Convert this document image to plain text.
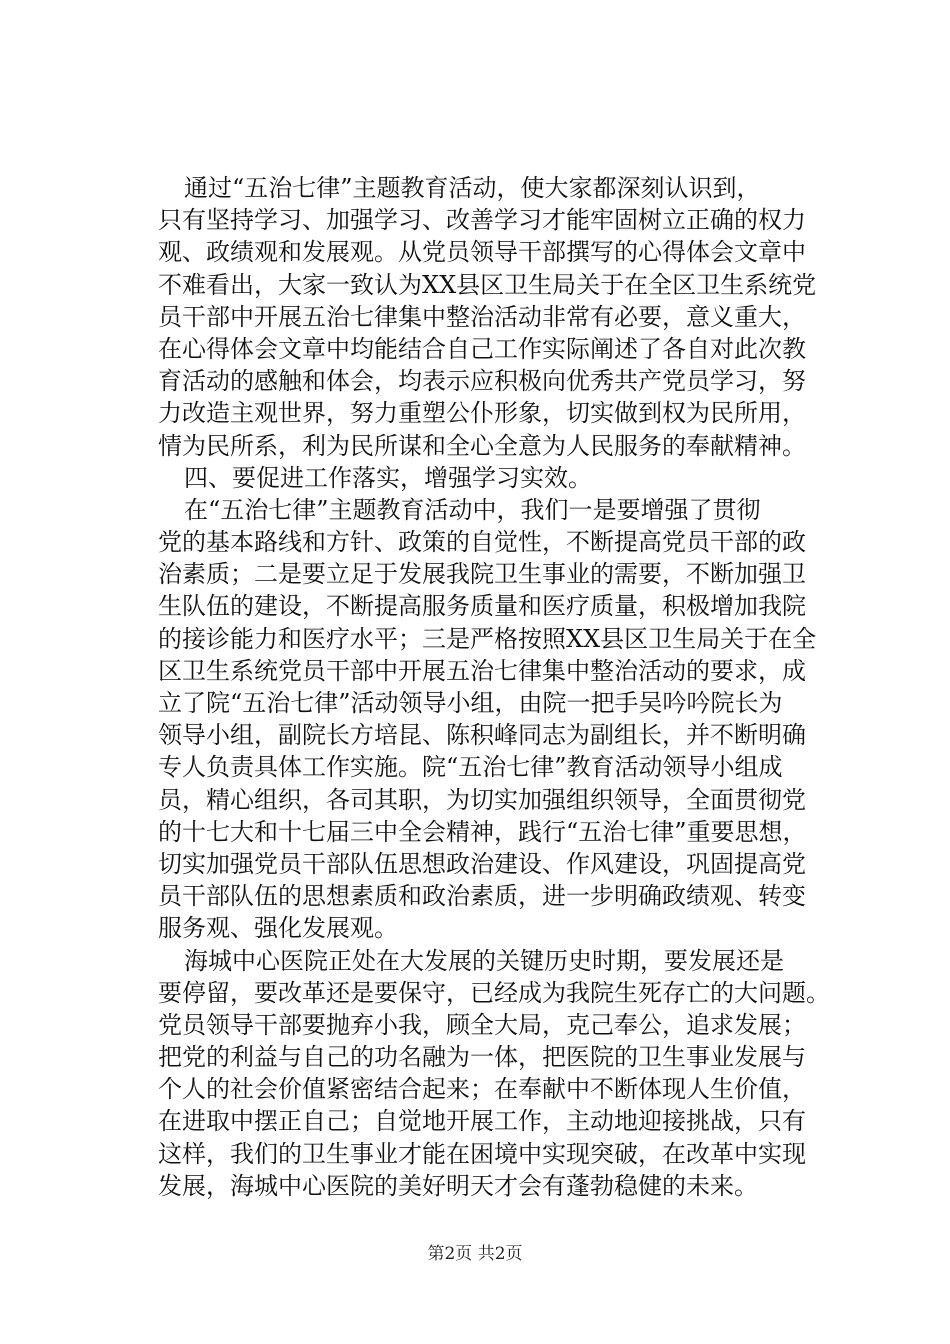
通过“五治七律”主题教育活动，使大家都深刻认识到，
只有坚持学习、加强学习、改善学习才能牢固树立正确的权力
观、政绩观和发展观。从党员领导干部撰写的心得体会文章中
不难看出，大家一致认为XX县区卫生局关于在全区卫生系统党
员干部中开展五治七律集中整治活动非常有必要，意义重大，
在心得体会文章中均能结合自己工作实际阐述了各自对此次教
育活动的感触和体会，均表示应积极向优秀共产党员学习，努
力改造主观世界，努力重塑公仆形象，切实做到权为民所用，
情为民所系，利为民所谋和全心全意为人民服务的奉献精神。
四、要促进工作落实，增强学习实效。
在“五治七律”主题教育活动中，我们一是要增强了贯彻
党的基本路线和方针、政策的自觉性，不断提高党员干部的政
治素质；二是要立足于发展我院卫生事业的需要，不断加强卫
生队伍的建设，不断提高服务质量和医疗质量，积极增加我院
的接诊能力和医疗水平；三是严格按照XX县区卫生局关于在全
区卫生系统党员干部中开展五治七律集中整治活动的要求，成
立了院“五治七律”活动领导小组，由院一把手吴吟吟院长为
领导小组，副院长方培昆、陈积峰同志为副组长，并不断明确
专人负责具体工作实施。院“五治七律”教育活动领导小组成
员，精心组织，各司其职，为切实加强组织领导，全面贯彻党
的十七大和十七届三中全会精神，践行“五治七律”重要思想，
切实加强党员干部队伍思想政治建设、作风建设，巩固提高党
员干部队伍的思想素质和政治素质，进一步明确政绩观、转变
服务观、强化发展观。
海城中心医院正处在大发展的关键历史时期，要发展还是
要停留，要改革还是要保守，已经成为我院生死存亡的大问题。
党员领导干部要抛弃小我，顾全大局，克己奉公，追求发展；
把党的利益与自己的功名融为一体，把医院的卫生事业发展与
个人的社会价值紧密结合起来；在奉献中不断体现人生价值，
在进取中摆正自己；自觉地开展工作，主动地迎接挑战，只有
这样，我们的卫生事业才能在困境中实现突破，在改革中实现
发展，海城中心医院的美好明天才会有蓬勃稳健的未来。
第2页 共2页
